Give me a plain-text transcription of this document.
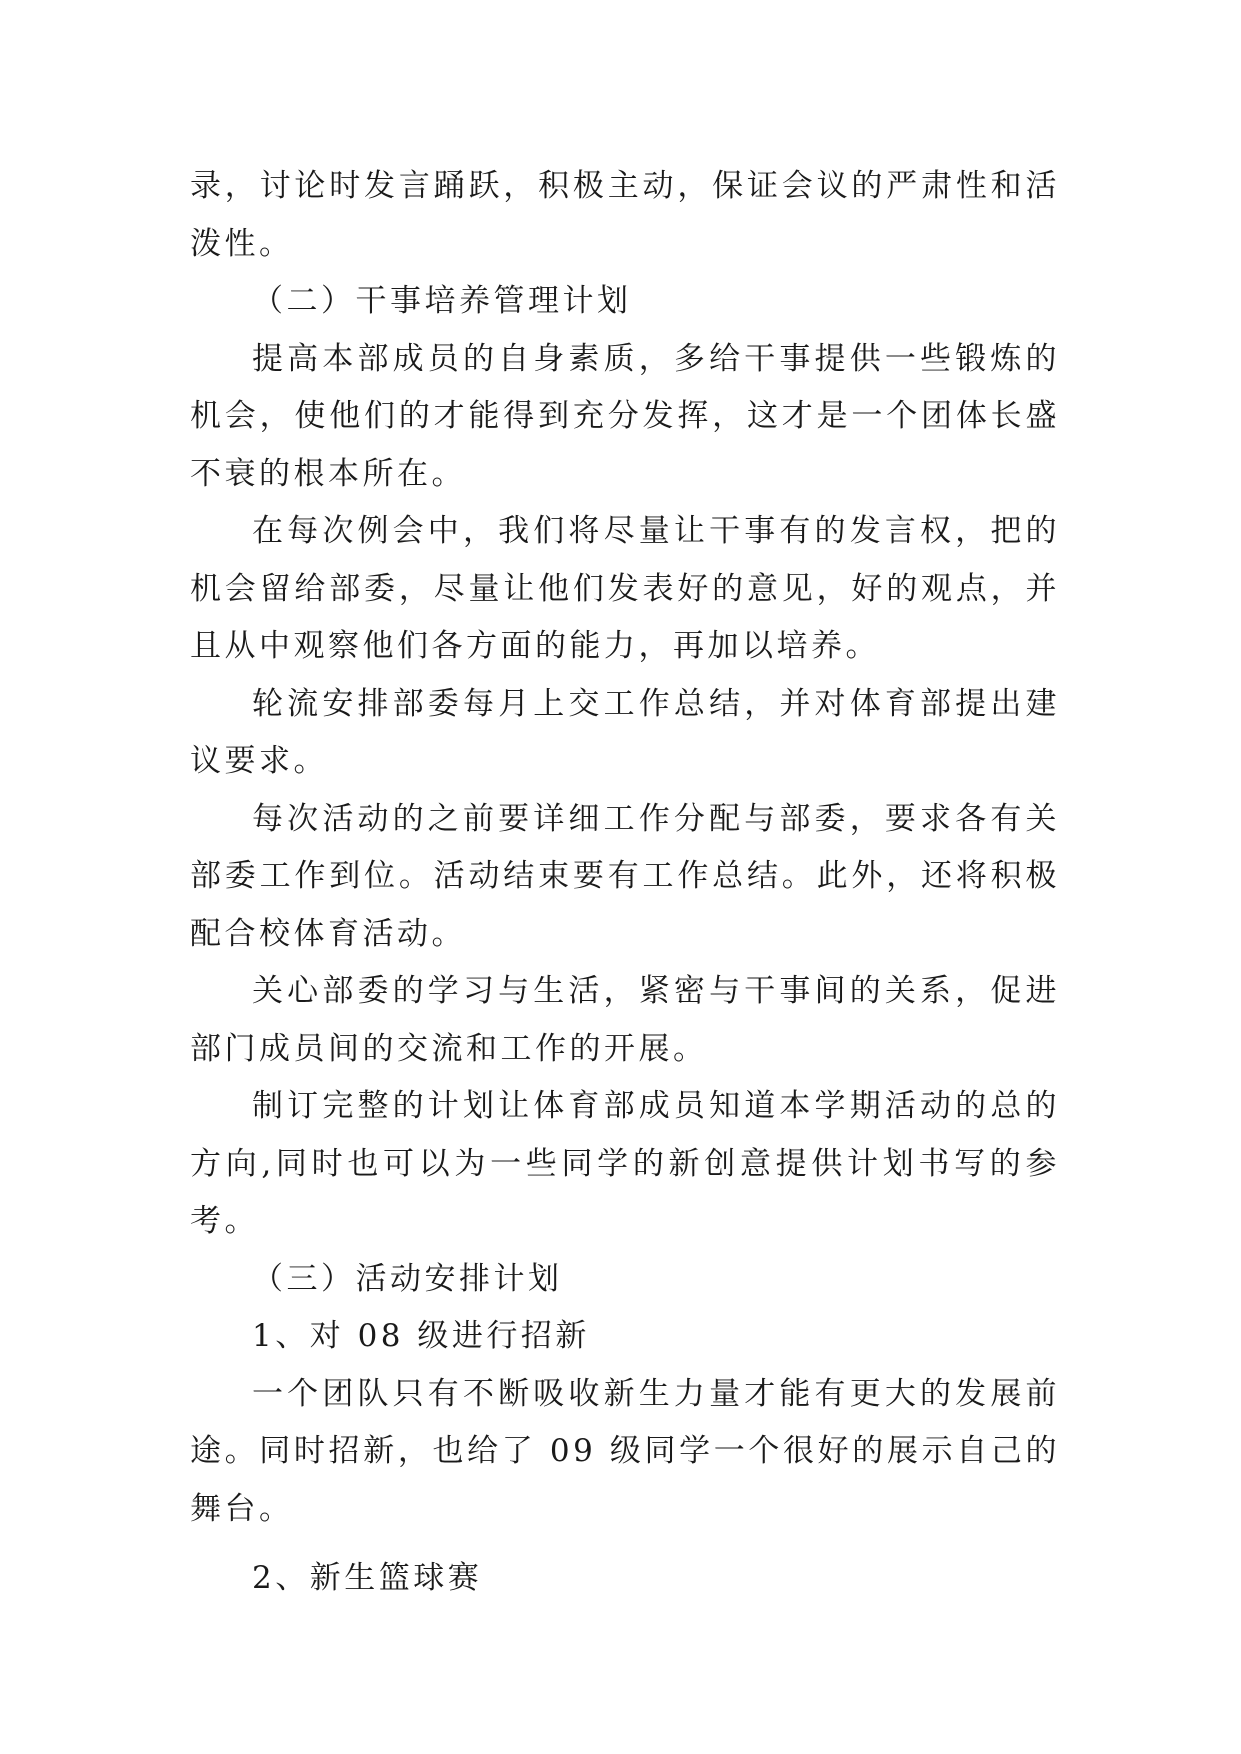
录，讨论时发言踊跃，积极主动，保证会议的严肃性和活泼性。

（二）干事培养管理计划

提高本部成员的自身素质，多给干事提供一些锻炼的机会，使他们的才能得到充分发挥，这才是一个团体长盛不衰的根本所在。

在每次例会中，我们将尽量让干事有的发言权，把的机会留给部委，尽量让他们发表好的意见，好的观点，并且从中观察他们各方面的能力，再加以培养。

轮流安排部委每月上交工作总结，并对体育部提出建议要求。

每次活动的之前要详细工作分配与部委，要求各有关部委工作到位。活动结束要有工作总结。此外，还将积极配合校体育活动。

关心部委的学习与生活，紧密与干事间的关系，促进部门成员间的交流和工作的开展。

制订完整的计划让体育部成员知道本学期活动的总的方向,同时也可以为一些同学的新创意提供计划书写的参考。

（三）活动安排计划

1、对 08 级进行招新

一个团队只有不断吸收新生力量才能有更大的发展前途。同时招新，也给了 09 级同学一个很好的展示自己的舞台。

2、新生篮球赛
